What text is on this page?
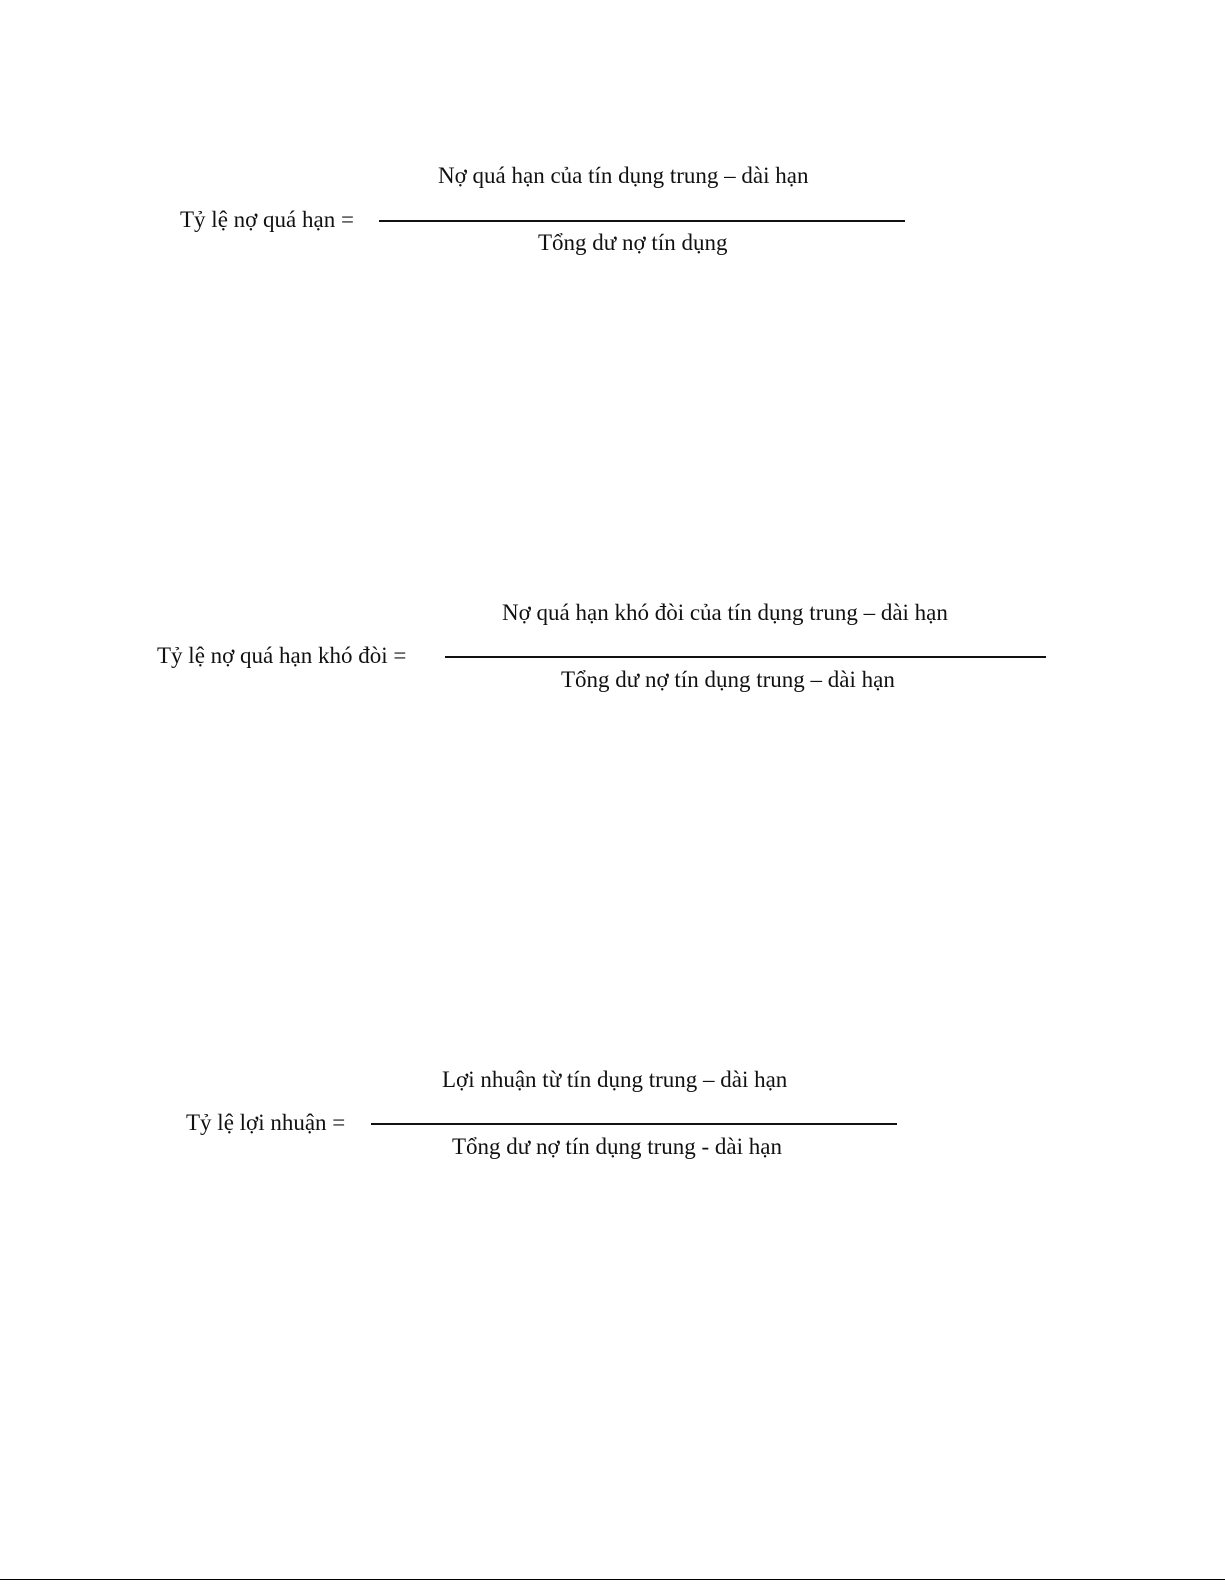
Nợ quá hạn của tín dụng trung – dài hạn
Tỷ lệ nợ quá hạn =
Tổng dư nợ tín dụng
Nợ quá hạn khó đòi của tín dụng trung – dài hạn
Tỷ lệ nợ quá hạn khó đòi =
Tổng dư nợ tín dụng trung – dài hạn
Lợi nhuận từ tín dụng trung – dài hạn
Tỷ lệ lợi nhuận =
Tổng dư nợ tín dụng trung - dài hạn
